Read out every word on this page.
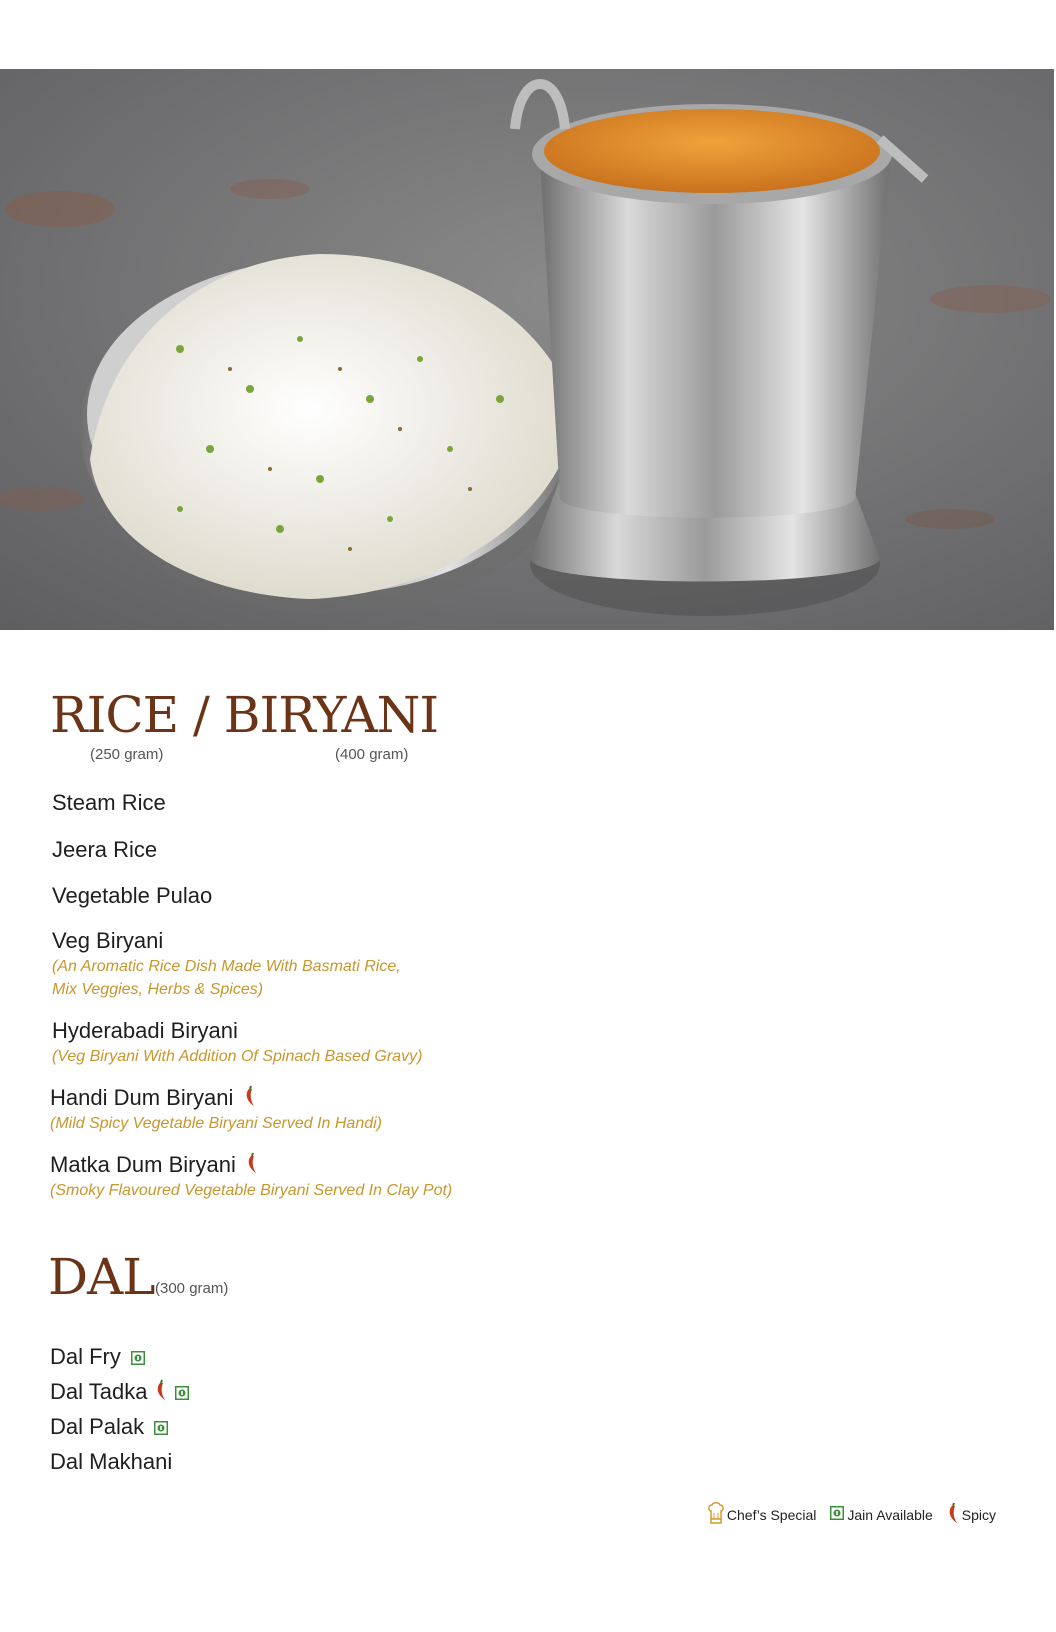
RICE / BIRYANI
(250 gram)	(400 gram)
Steam Rice
Jeera Rice
Vegetable Pulao
Veg Biryani
(An Aromatic Rice Dish Made With Basmati Rice,
Mix Veggies, Herbs & Spices)
Hyderabadi Biryani
(Veg Biryani With Addition Of Spinach Based Gravy)
Handi Dum Biryani
(Mild Spicy Vegetable Biryani Served In Handi)
Matka Dum Biryani
(Smoky Flavoured Vegetable Biryani Served In Clay Pot)
DAL (300 gram)
Dal Fry
Dal Tadka
Dal Palak
Dal Makhani
Chef’s Special Jain Available Spicy
